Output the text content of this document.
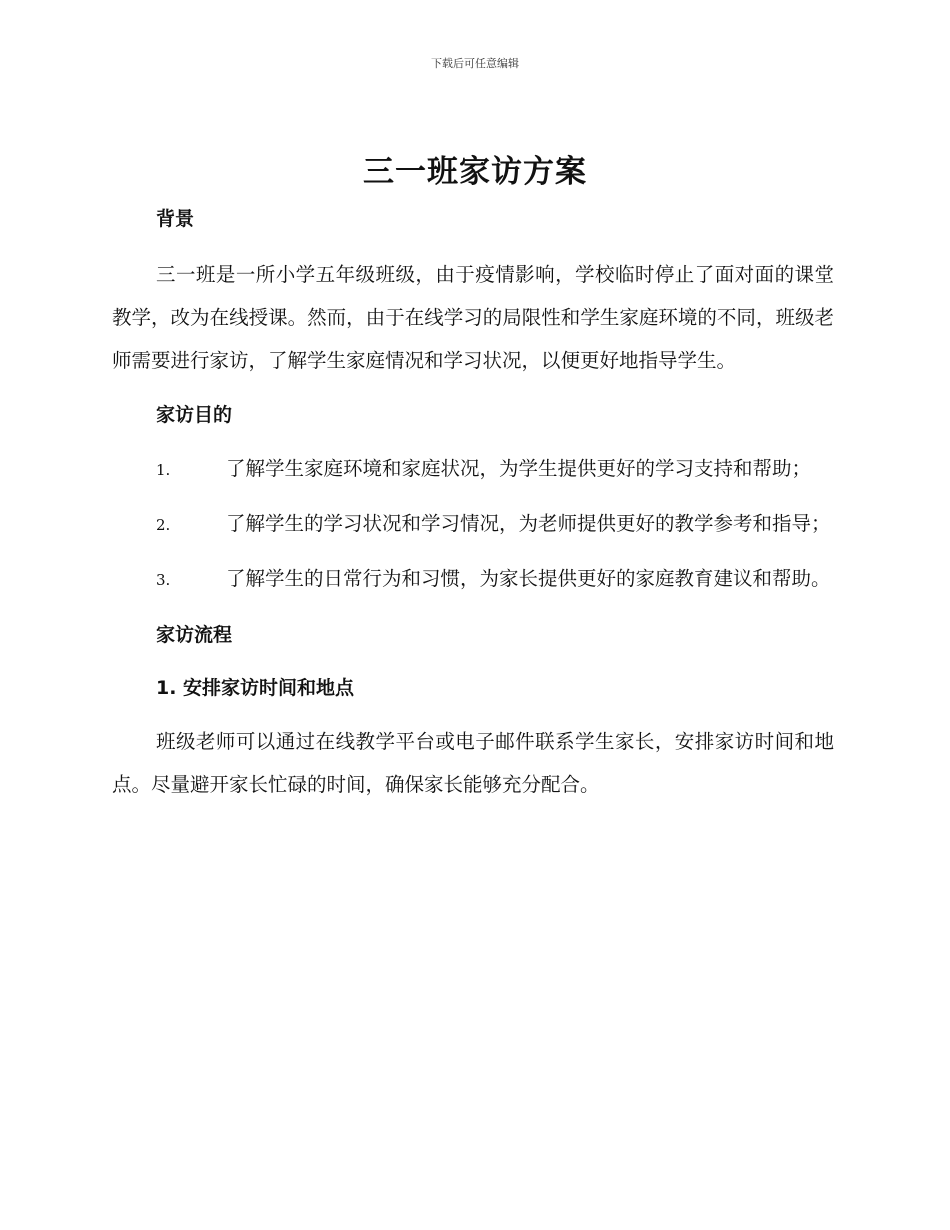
下载后可任意编辑
三一班家访方案
背景

三一班是一所小学五年级班级，由于疫情影响，学校临时停止了面对面的课堂教学，改为在线授课。然而，由于在线学习的局限性和学生家庭环境的不同，班级老师需要进行家访，了解学生家庭情况和学习状况，以便更好地指导学生。

家访目的
1.	了解学生家庭环境和家庭状况，为学生提供更好的学习支持和帮助；
2.	了解学生的学习状况和学习情况，为老师提供更好的教学参考和指导；
3.	了解学生的日常行为和习惯，为家长提供更好的家庭教育建议和帮助。
家访流程
1. 安排家访时间和地点

班级老师可以通过在线教学平台或电子邮件联系学生家长，安排家访时间和地点。尽量避开家长忙碌的时间，确保家长能够充分配合。
